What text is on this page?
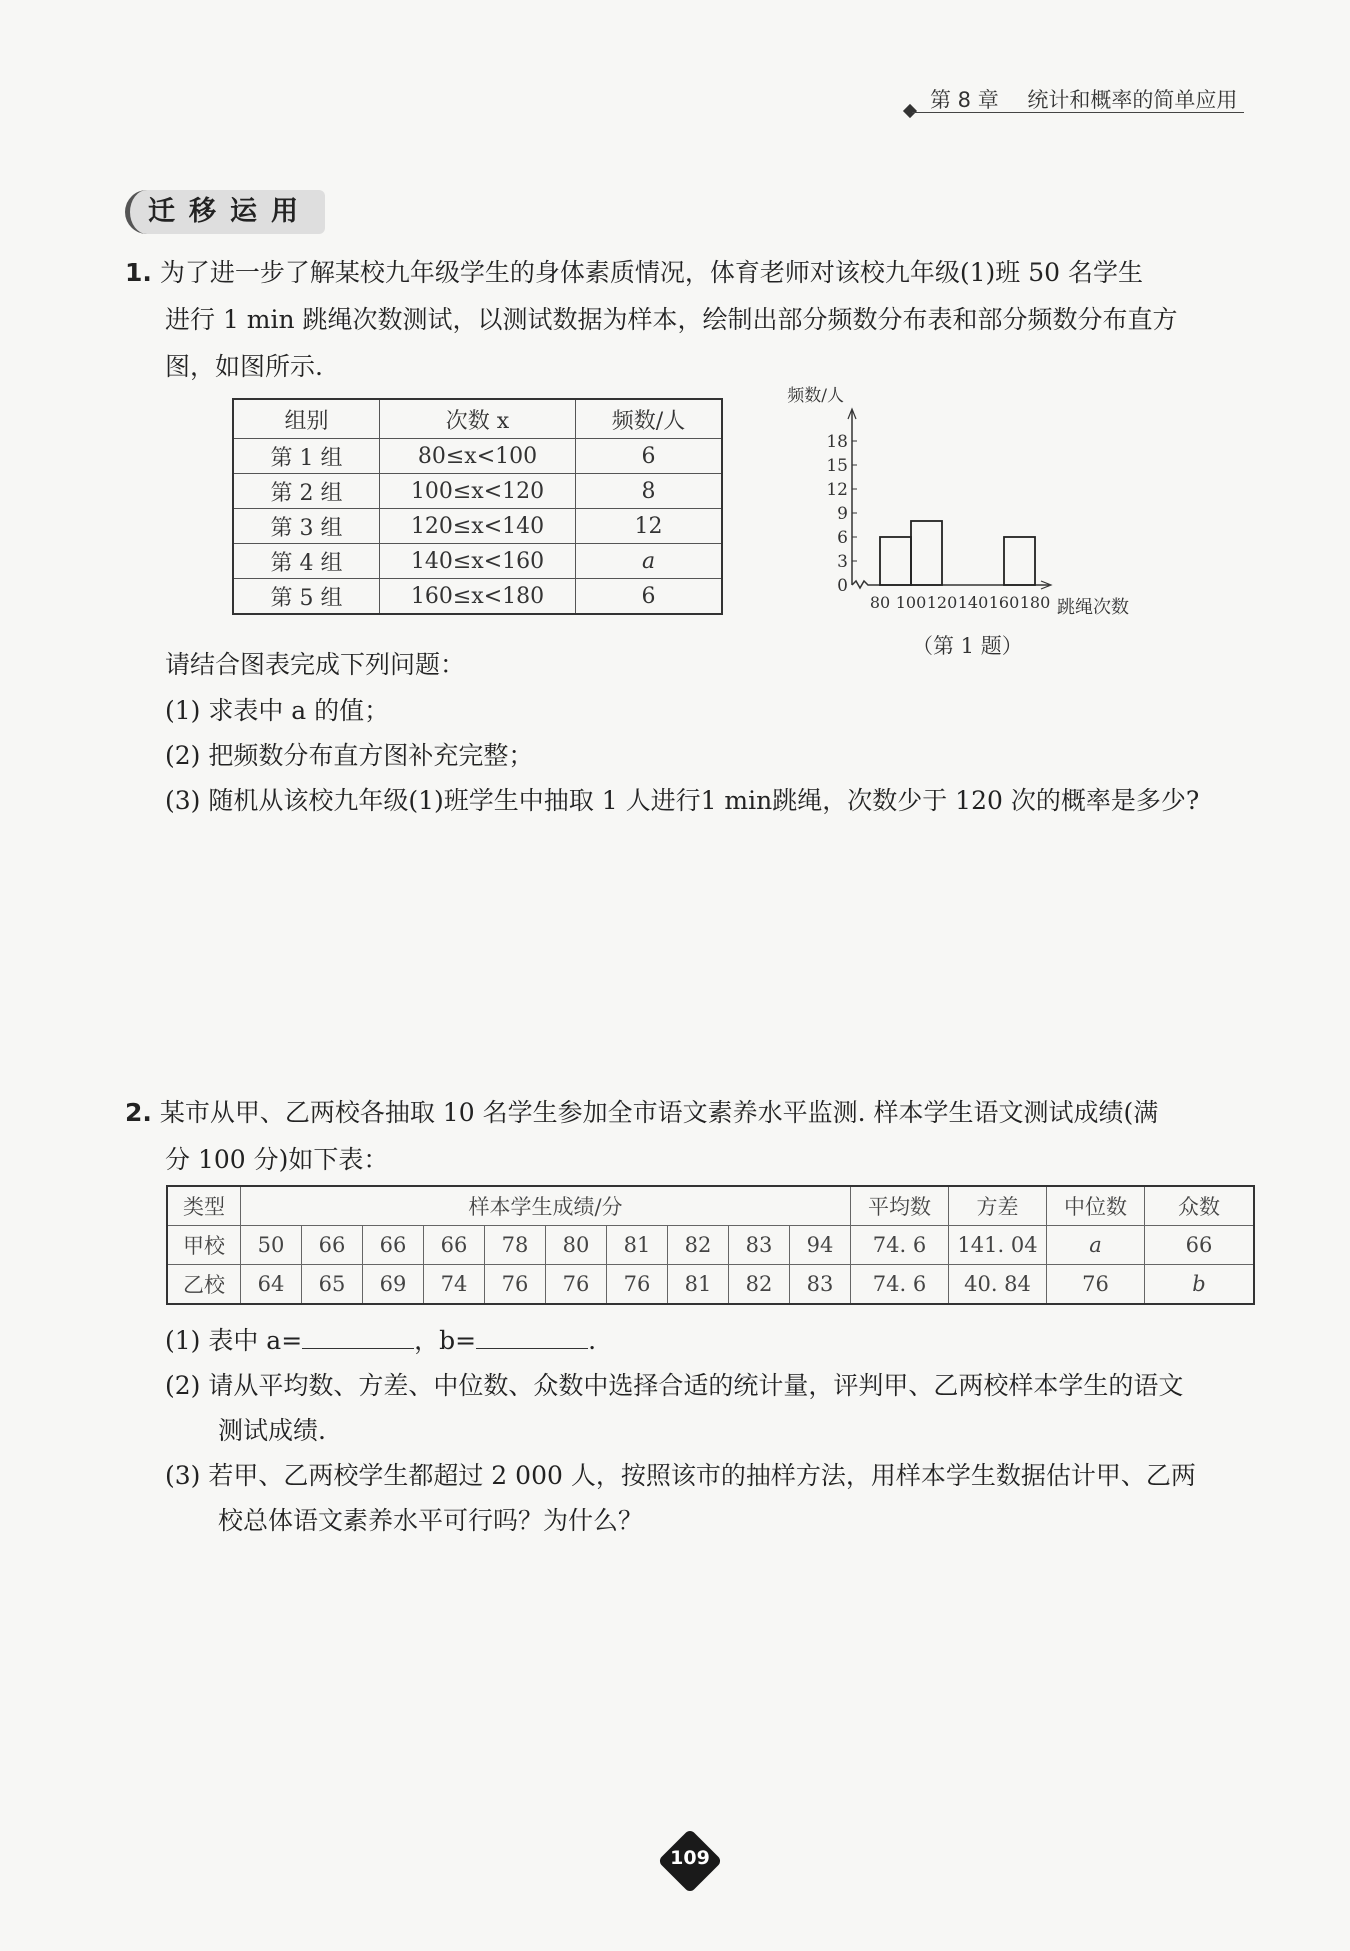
第 8 章 统计和概率的简单应用
迁移运用
1. 为了进一步了解某校九年级学生的身体素质情况，体育老师对该校九年级(1)班 50 名学生
进行 1 min 跳绳次数测试，以测试数据为样本，绘制出部分频数分布表和部分频数分布直方
图，如图所示.
组别	次数 x	频数/人
第 1 组	80≤x<100	6
第 2 组	100≤x<120	8
第 3 组	120≤x<140	12
第 4 组	140≤x<160	a
第 5 组	160≤x<180	6	0
3
6
9
12
15
18
80 100 120 140 160 180
频数/人
跳绳次数
（第 1 题）
请结合图表完成下列问题：
(1) 求表中 a 的值；
(2) 把频数分布直方图补充完整；
(3) 随机从该校九年级(1)班学生中抽取 1 人进行1 min跳绳，次数少于 120 次的概率是多少?
2. 某市从甲、乙两校各抽取 10 名学生参加全市语文素养水平监测. 样本学生语文测试成绩(满
分 100 分)如下表：
类型	样本学生成绩/分										平均数	方差	中位数	众数
甲校	50	66	66	66	78	80	81	82	83	94	74. 6	141. 04	a	66
乙校	64	65	69	74	76	76	76	81	82	83	74. 6	40. 84	76	b
(1) 表中 a=	，b=	.
(2) 请从平均数、方差、中位数、众数中选择合适的统计量，评判甲、乙两校样本学生的语文
测试成绩.
(3) 若甲、乙两校学生都超过 2 000 人，按照该市的抽样方法，用样本学生数据估计甲、乙两
校总体语文素养水平可行吗？为什么？
109
